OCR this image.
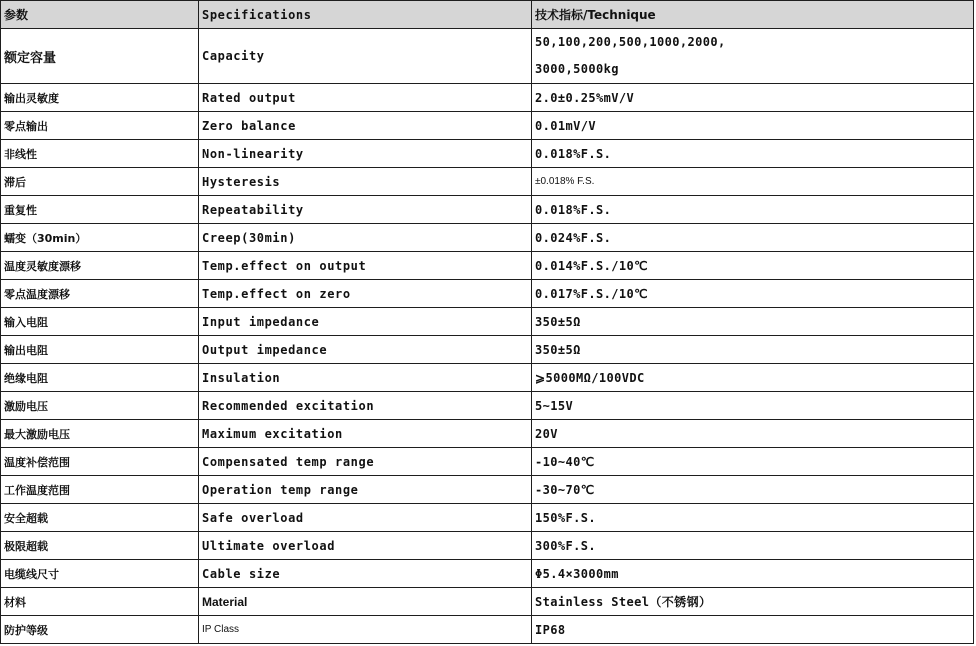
参数	Specifications	技术指标/Technique
额定容量	Capacity	50,100,200,500,1000,2000,
3000,5000kg

输出灵敏度	Rated output	2.0±0.25%mV/V
零点输出	Zero balance	0.01mV/V
非线性	Non-linearity	0.018%F.S.
滞后	Hysteresis	±0.018% F.S.
重复性	Repeatability	0.018%F.S.
蠕变（30min）	Creep(30min)	0.024%F.S.
温度灵敏度漂移	Temp.effect on output	0.014%F.S./10℃
零点温度漂移	Temp.effect on zero	0.017%F.S./10℃
输入电阻	Input impedance	350±5Ω
输出电阻	Output impedance	350±5Ω
绝缘电阻	Insulation	⩾5000MΩ/100VDC
激励电压	Recommended excitation	5~15V
最大激励电压	Maximum excitation	20V
温度补偿范围	Compensated temp range	-10~40℃
工作温度范围	Operation temp range	-30~70℃
安全超载	Safe overload	150%F.S.
极限超载	Ultimate overload	300%F.S.
电缆线尺寸	Cable size	Φ5.4×3000mm
材料	Material	Stainless Steel（不锈钢）
防护等级	IP Class	IP68
